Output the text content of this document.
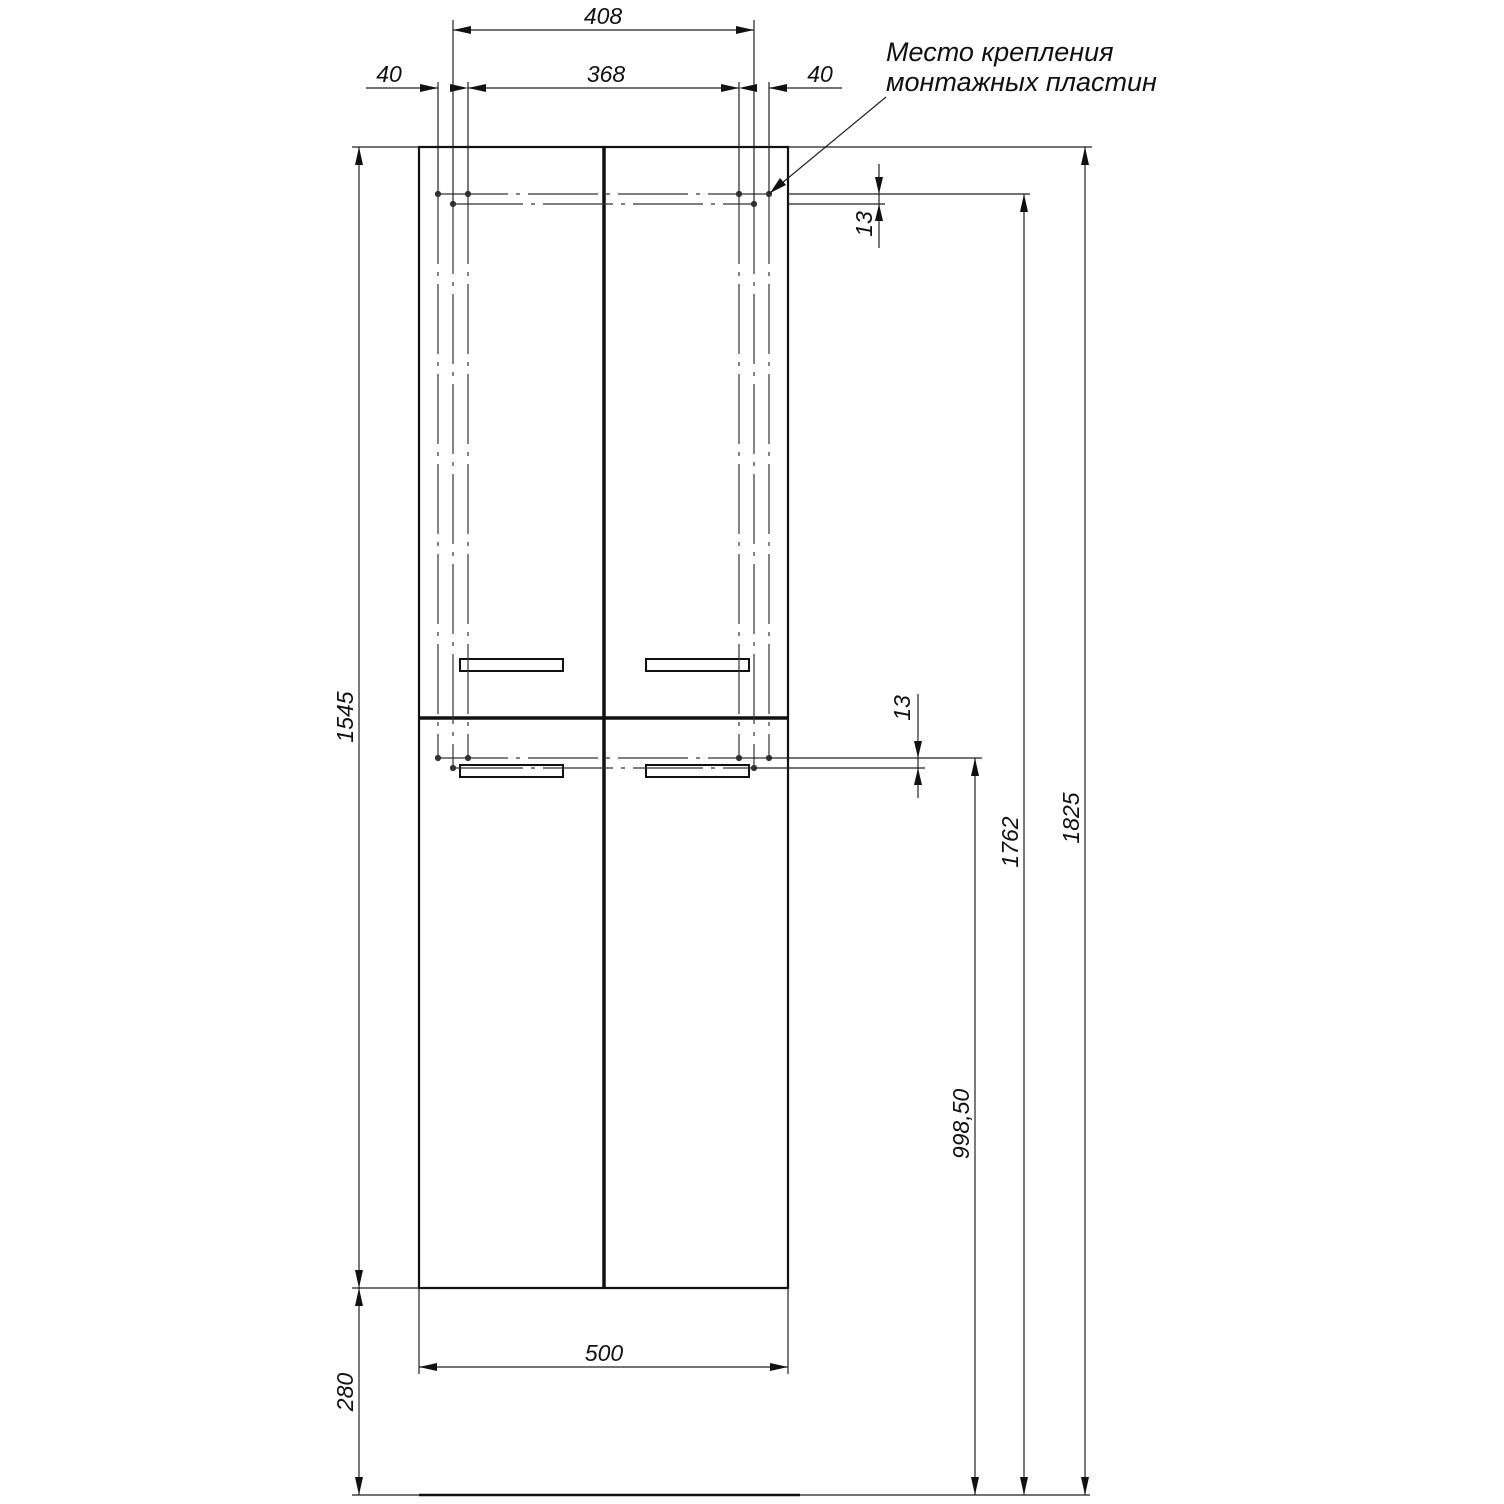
408
368
40	40
Место крепления
монтажных пластин
13
13
1545
280
500
998,50
1762 1825
